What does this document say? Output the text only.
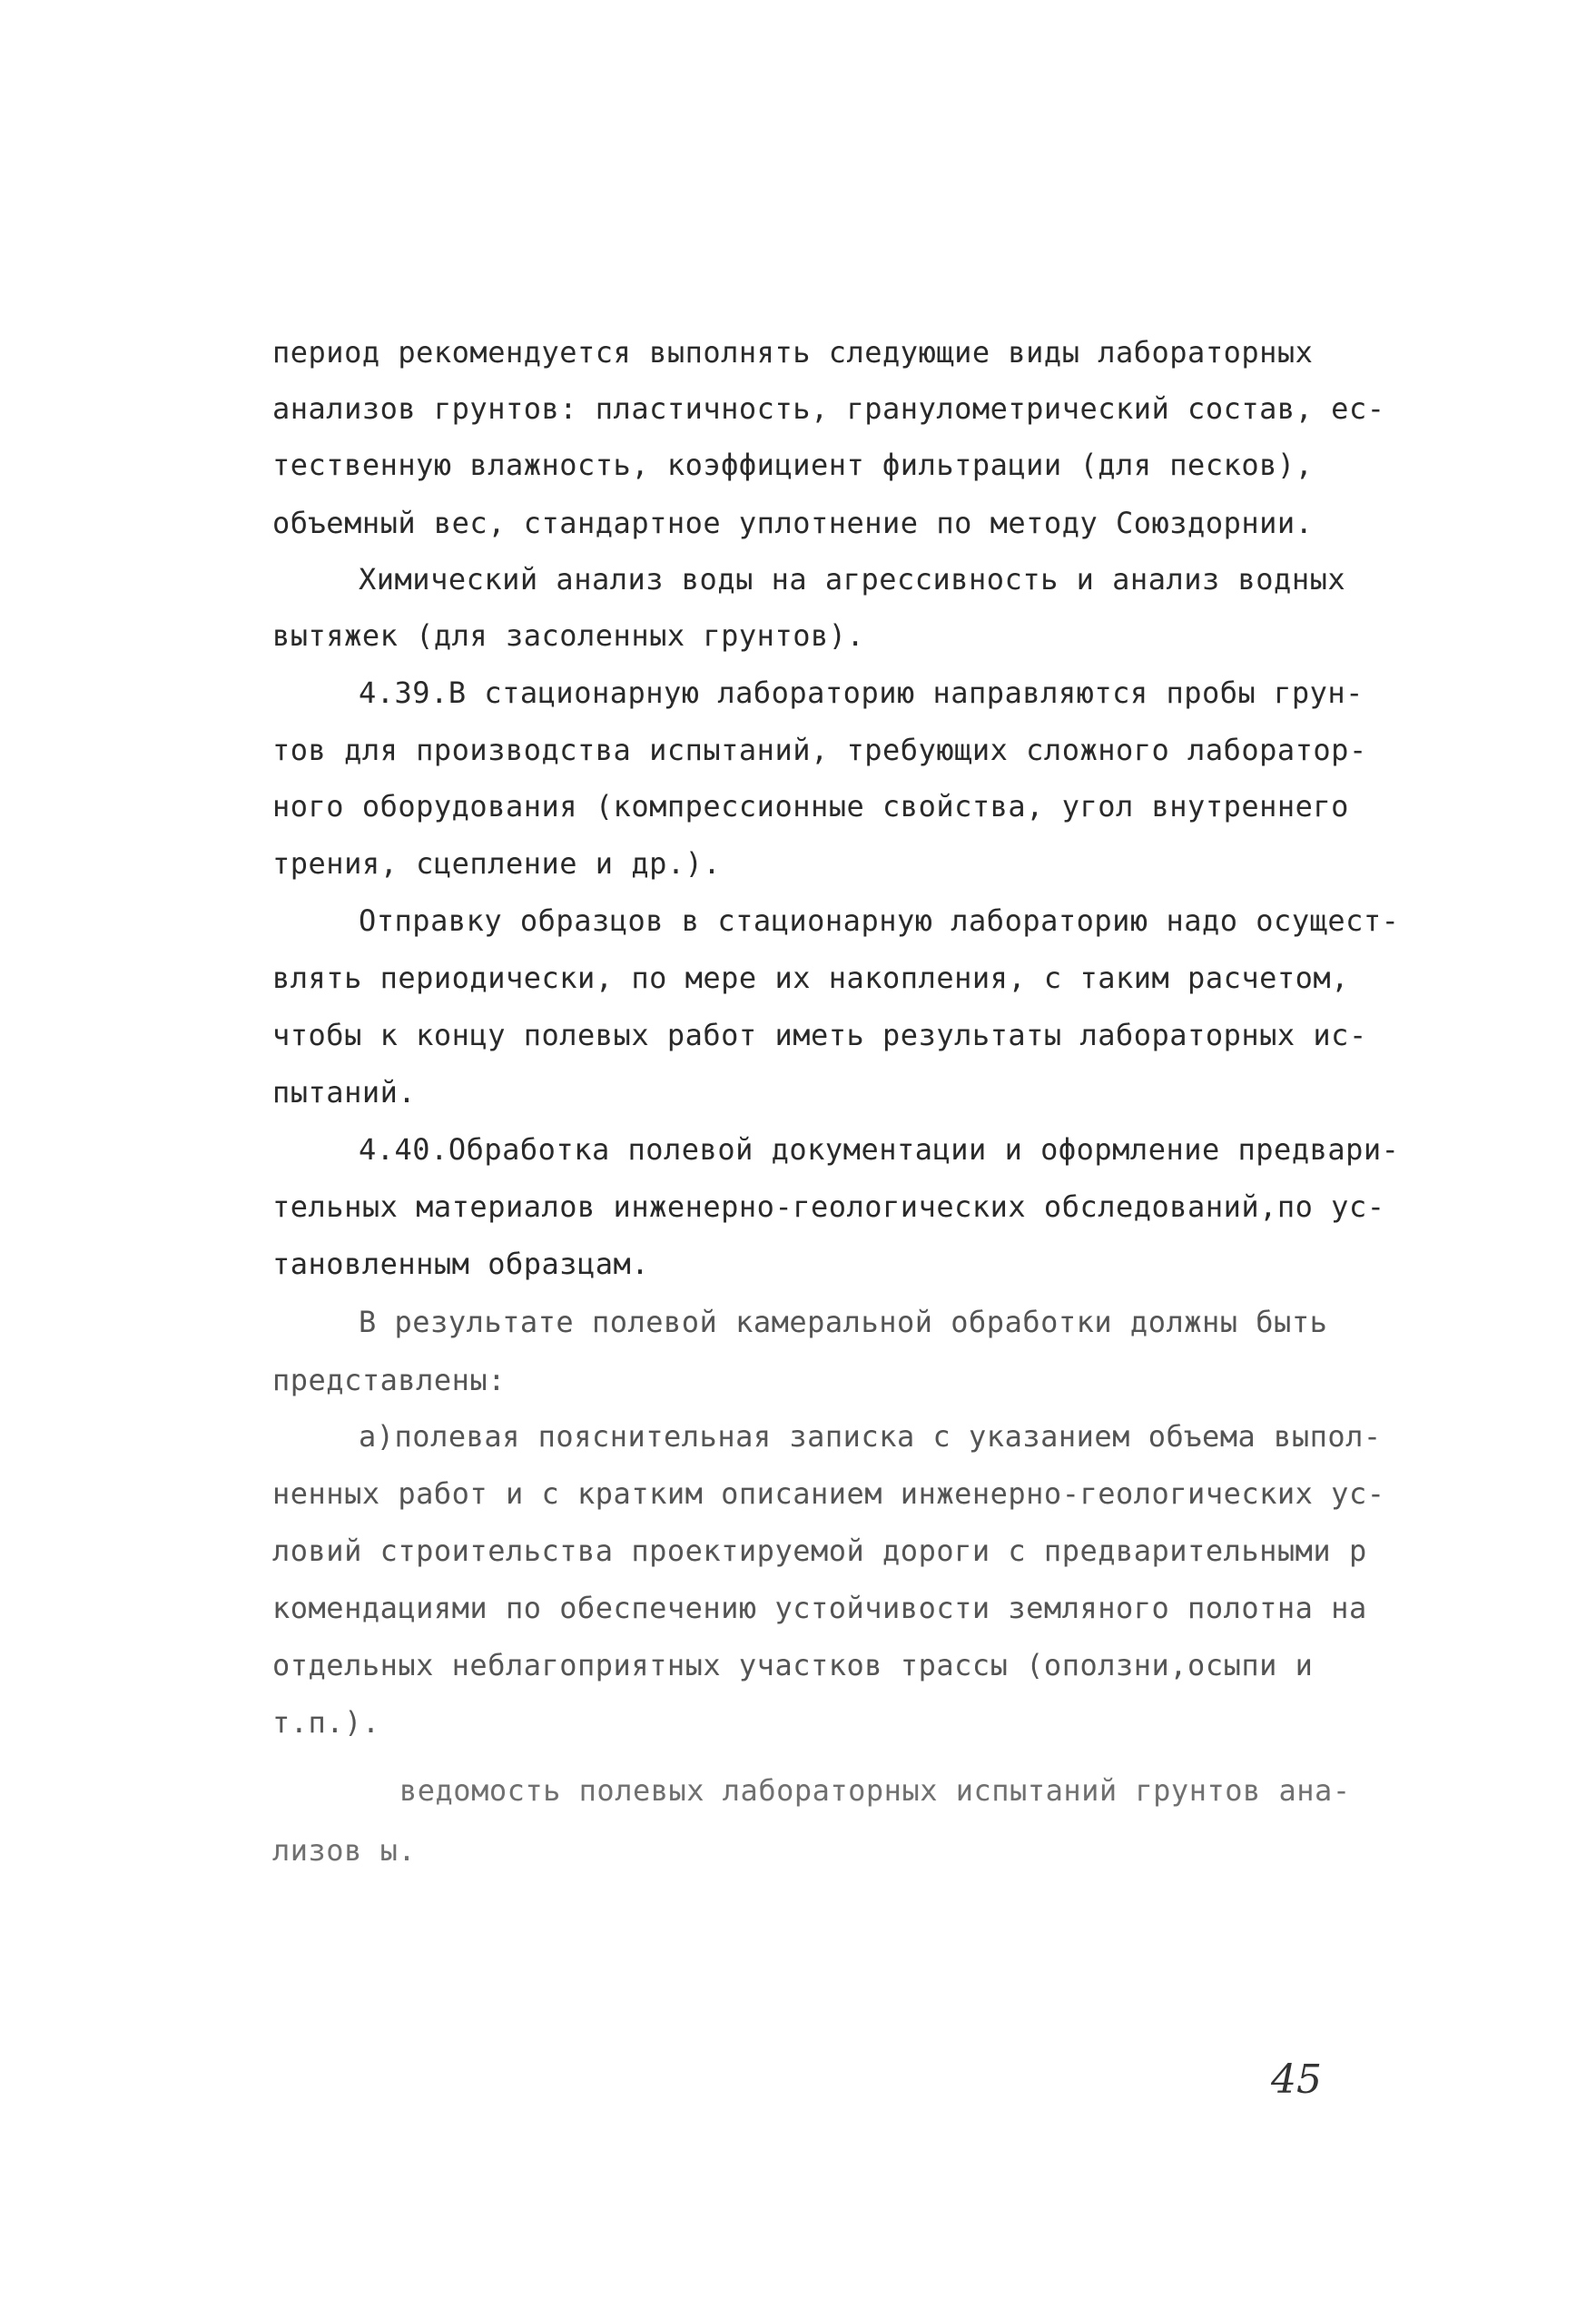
период рекомендуется выполнять следующие виды лабораторных
анализов грунтов: пластичность, гранулометрический состав, ес-
тественную влажность, коэффициент фильтрации (для песков),
объемный вес, стандартное уплотнение по методу Союздорнии.
Химический анализ воды на агрессивность и анализ водных
вытяжек (для засоленных грунтов).
4.39.В стационарную лабораторию направляются пробы грун-
тов для производства испытаний, требующих сложного лаборатор-
ного оборудования (компрессионные свойства, угол внутреннего
трения, сцепление и др.).
Отправку образцов в стационарную лабораторию надо осущест-
влять периодически, по мере их накопления, с таким расчетом,
чтобы к концу полевых работ иметь результаты лабораторных ис-
пытаний.
4.40.Обработка полевой документации и оформление предвари-
тельных материалов инженерно-геологических обследований,по ус-
тановленным образцам.
В результате полевой камеральной обработки должны быть
представлены:
а)полевая пояснительная записка с указанием объема выпол-
ненных работ и с кратким описанием инженерно-геологических ус-
ловий строительства проектируемой дороги с предварительными р
комендациями по обеспечению устойчивости земляного полотна на
отдельных неблагоприятных участков трассы (оползни,осыпи и
т.п.).
ведомость полевых лабораторных испытаний грунтов ана-
лизов ы.
45
